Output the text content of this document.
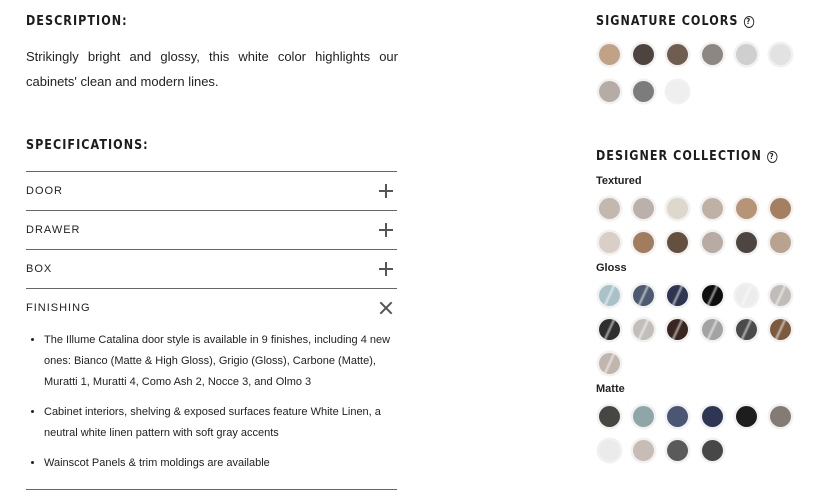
DESCRIPTION:

Strikingly bright and glossy, this white color highlights our cabinets' clean and modern lines.

SPECIFICATIONS:
DOOR
DRAWER
BOX
FINISHING
• The Illume Catalina door style is available in 9 finishes, including 4 new ones: Bianco (Matte & High Gloss), Grigio (Gloss), Carbone (Matte), Muratti 1, Muratti 4, Como Ash 2, Nocce 3, and Olmo 3
• Cabinet interiors, shelving & exposed surfaces feature White Linen, a neutral white linen pattern with soft gray accents
• Wainscot Panels & trim moldings are available
SIGNATURE COLORS ?
DESIGNER COLLECTION ?
Textured
Gloss
Matte
